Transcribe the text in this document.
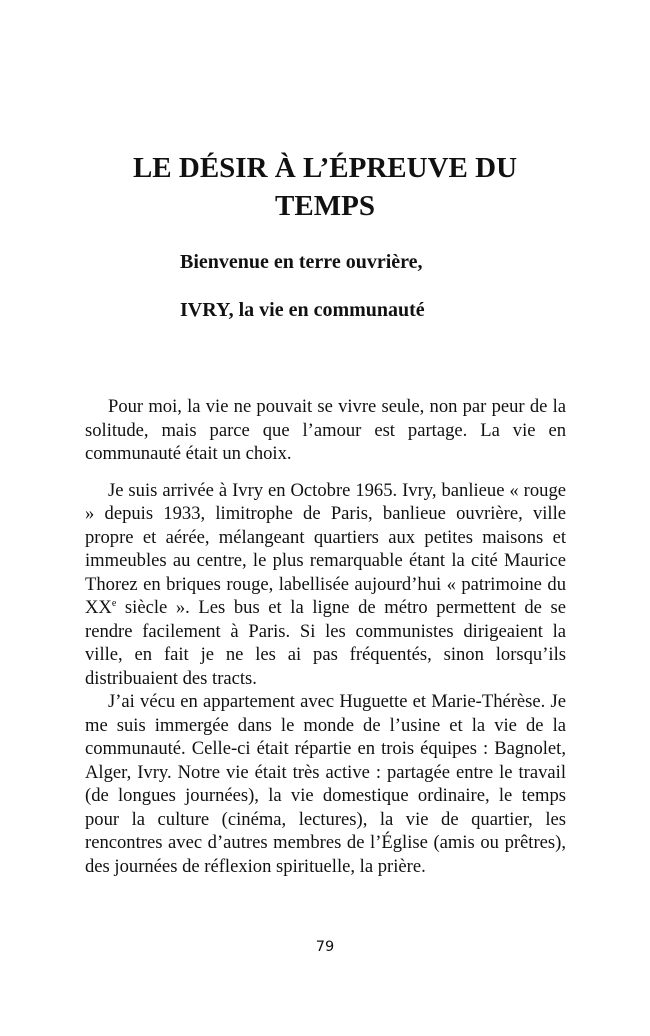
LE DÉSIR À L’ÉPREUVE DU TEMPS
Bienvenue en terre ouvrière,
IVRY, la vie en communauté

Pour moi, la vie ne pouvait se vivre seule, non par peur de la solitude, mais parce que l’amour est partage. La vie en communauté était un choix.

Je suis arrivée à Ivry en Octobre 1965. Ivry, banlieue « rouge » depuis 1933, limitrophe de Paris, banlieue ouvrière, ville propre et aérée, mélangeant quartiers aux petites maisons et immeubles au centre, le plus remarquable étant la cité Maurice Thorez en briques rouge, labellisée aujourd’hui « patrimoine du XXe siècle ». Les bus et la ligne de métro permettent de se rendre facilement à Paris. Si les communistes dirigeaient la ville, en fait je ne les ai pas fréquentés, sinon lorsqu’ils distribuaient des tracts.

J’ai vécu en appartement avec Huguette et Marie-Thérèse. Je me suis immergée dans le monde de l’usine et la vie de la communauté. Celle-ci était répartie en trois équipes : Bagnolet, Alger, Ivry. Notre vie était très active : partagée entre le travail (de longues journées), la vie domestique ordinaire, le temps pour la culture (cinéma, lectures), la vie de quartier, les rencontres avec d’autres membres de l’Église (amis ou prêtres), des journées de réflexion spirituelle, la prière.

79
